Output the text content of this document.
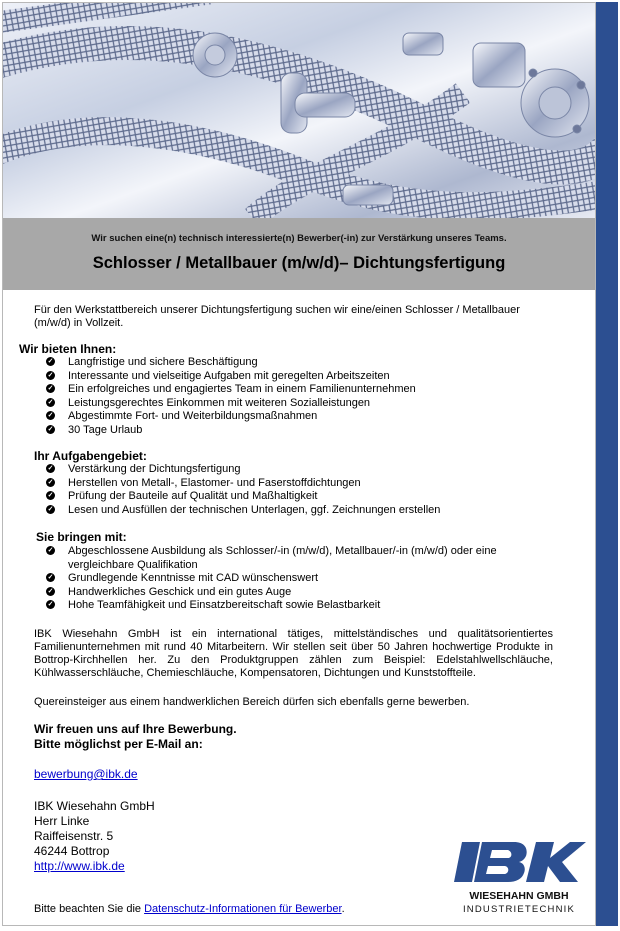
Wir suchen eine(n) technisch interessierte(n) Bewerber(-in) zur Verstärkung unseres Teams.
Schlosser / Metallbauer (m/w/d)– Dichtungsfertigung
Für den Werkstattbereich unserer Dichtungsfertigung suchen wir eine/einen Schlosser / Metallbauer (m/w/d) in Vollzeit.
Wir bieten Ihnen:
✓ Langfristige und sichere Beschäftigung
✓ Interessante und vielseitige Aufgaben mit geregelten Arbeitszeiten
✓ Ein erfolgreiches und engagiertes Team in einem Familienunternehmen
✓ Leistungsgerechtes Einkommen mit weiteren Sozialleistungen
✓ Abgestimmte Fort- und Weiterbildungsmaßnahmen
✓ 30 Tage Urlaub
Ihr Aufgabengebiet:
✓ Verstärkung der Dichtungsfertigung
✓ Herstellen von Metall-, Elastomer- und Faserstoffdichtungen
✓ Prüfung der Bauteile auf Qualität und Maßhaltigkeit
✓ Lesen und Ausfüllen der technischen Unterlagen, ggf. Zeichnungen erstellen
Sie bringen mit:
✓ Abgeschlossene Ausbildung als Schlosser/-in (m/w/d), Metallbauer/-in (m/w/d) oder eine vergleichbare Qualifikation
✓ Grundlegende Kenntnisse mit CAD wünschenswert
✓ Handwerkliches Geschick und ein gutes Auge
✓ Hohe Teamfähigkeit und Einsatzbereitschaft sowie Belastbarkeit
IBK Wiesehahn GmbH ist ein international tätiges, mittelständisches und qualitätsorientiertes Familienunternehmen mit rund 40 Mitarbeitern. Wir stellen seit über 50 Jahren hochwertige Produkte in Bottrop-Kirchhellen her. Zu den Produktgruppen zählen zum Beispiel: Edelstahlwellschläuche, Kühlwasserschläuche, Chemieschläuche, Kompensatoren, Dichtungen und Kunststoffteile.
Quereinsteiger aus einem handwerklichen Bereich dürfen sich ebenfalls gerne bewerben.
Wir freuen uns auf Ihre Bewerbung.
Bitte möglichst per E-Mail an:
bewerbung@ibk.de
IBK Wiesehahn GmbH
Herr Linke
Raiffeisenstr. 5
46244 Bottrop
http://www.ibk.de
Bitte beachten Sie die Datenschutz-Informationen für Bewerber.
WIESEHAHN GMBH
INDUSTRIETECHNIK
